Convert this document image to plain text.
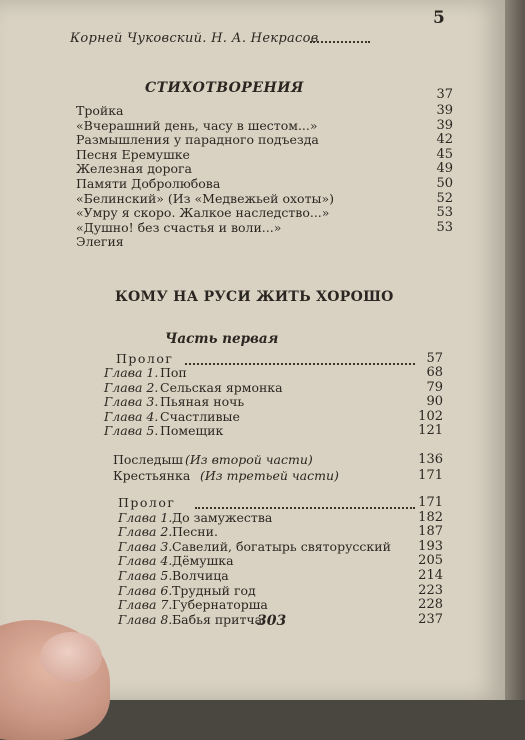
5
Корней Чуковский. Н. А. Некрасов
СТИХОТВОРЕНИЯ	37
Тройка	39
«Вчерашний день, часу в шестом...»	39
Размышления у парадного подъезда	42
Песня Еремушке	45
Железная дорога	49
Памяти Добролюбова	50
«Белинский» (Из «Медвежьей охоты»)	52
«Умру я скоро. Жалкое наследство...»	53
«Душно! без счастья и воли...»	53
Элегия
КОМУ НА РУСИ ЖИТЬ ХОРОШО
Часть первая
Пролог	57
Глава 1. Поп	68
Глава 2. Сельская ярмонка	79
Глава 3. Пьяная ночь	90
Глава 4. Счастливые	102
Глава 5. Помещик	121
Последыш (Из второй части)	136
Крестьянка (Из третьей части)	171
Пролог	171
Глава 1. До замужества	182
Глава 2. Песни.	187
Глава 3. Савелий, богатырь святорусский	193
Глава 4. Дёмушка	205
Глава 5. Волчица	214
Глава 6. Трудный год	223
Глава 7. Губернаторша	228
Глава 8. Бабья притча	237
303
